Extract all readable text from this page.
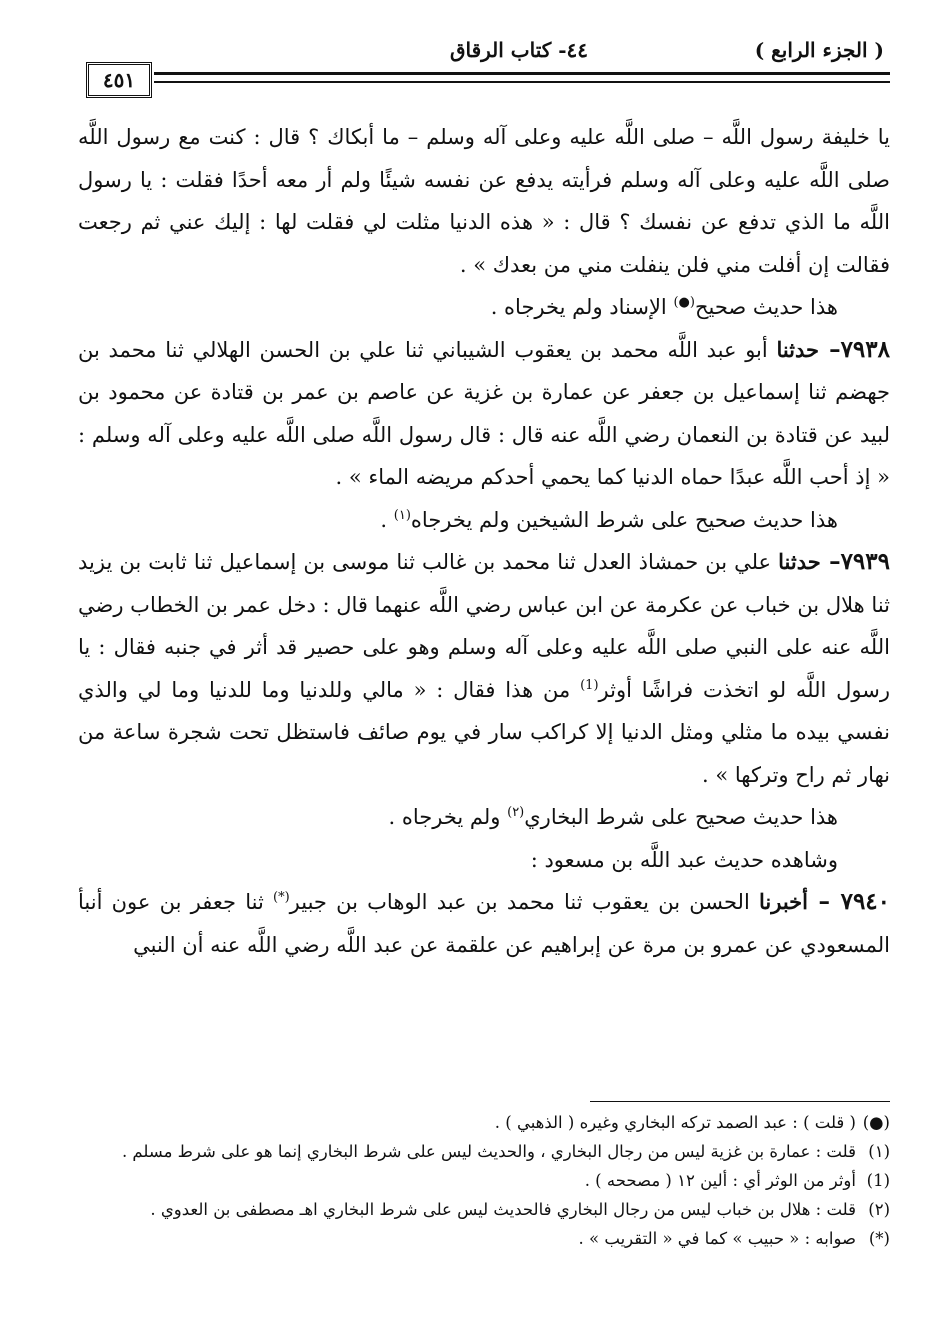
( الجزء الرابع )
٤٤- كتاب الرقاق
٤٥١

يا خليفة رسول اللَّه – صلى اللَّه عليه وعلى آله وسلم – ما أبكاك ؟ قال : كنت مع رسول اللَّه صلى اللَّه عليه وعلى آله وسلم فرأيته يدفع عن نفسه شيئًا ولم أر معه أحدًا فقلت : يا رسول اللَّه ما الذي تدفع عن نفسك ؟ قال : « هذه الدنيا مثلت لي فقلت لها : إليك عني ثم رجعت فقالت إن أفلت مني فلن ينفلت مني من بعدك » .

هذا حديث صحيح(●) الإسناد ولم يخرجاه .

٧٩٣٨– حدثنا أبو عبد اللَّه محمد بن يعقوب الشيباني ثنا علي بن الحسن الهلالي ثنا محمد بن جهضم ثنا إسماعيل بن جعفر عن عمارة بن غزية عن عاصم بن عمر بن قتادة عن محمود بن لبيد عن قتادة بن النعمان رضي اللَّه عنه قال : قال رسول اللَّه صلى اللَّه عليه وعلى آله وسلم : « إذ أحب اللَّه عبدًا حماه الدنيا كما يحمي أحدكم مريضه الماء » .

هذا حديث صحيح على شرط الشيخين ولم يخرجاه$^{(١)}$ .

٧٩٣٩– حدثنا علي بن حمشاذ العدل ثنا محمد بن غالب ثنا موسى بن إسماعيل ثنا ثابت بن يزيد ثنا هلال بن خباب عن عكرمة عن ابن عباس رضي اللَّه عنهما قال : دخل عمر بن الخطاب رضي اللَّه عنه على النبي صلى اللَّه عليه وعلى آله وسلم وهو على حصير قد أثر في جنبه فقال : يا رسول اللَّه لو اتخذت فراشًا أوثر$^{(1)}$ من هذا فقال : « مالي وللدنيا وما للدنيا وما لي والذي نفسي بيده ما مثلي ومثل الدنيا إلا كراكب سار في يوم صائف فاستظل تحت شجرة ساعة من نهار ثم راح وتركها » .

هذا حديث صحيح على شرط البخاري$^{(٢)}$ ولم يخرجاه .

وشاهده حديث عبد اللَّه بن مسعود :

٧٩٤٠ – أخبرنا الحسن بن يعقوب ثنا محمد بن عبد الوهاب بن جبير(*) ثنا جعفر بن عون أنبأ المسعودي عن عمرو بن مرة عن إبراهيم عن علقمة عن عبد اللَّه رضي اللَّه عنه أن النبي

(●)( قلت ) : عبد الصمد تركه البخاري وغيره ( الذهبي ) .

(١)قلت : عمارة بن غزية ليس من رجال البخاري ، والحديث ليس على شرط البخاري إنما هو على شرط مسلم .

(1)أوثر من الوثر أي : ألين ١٢ ( مصححه ) .

(٢)قلت : هلال بن خباب ليس من رجال البخاري فالحديث ليس على شرط البخاري اهـ مصطفى بن العدوي .

(*)صوابه : « حبيب » كما في « التقريب » .
